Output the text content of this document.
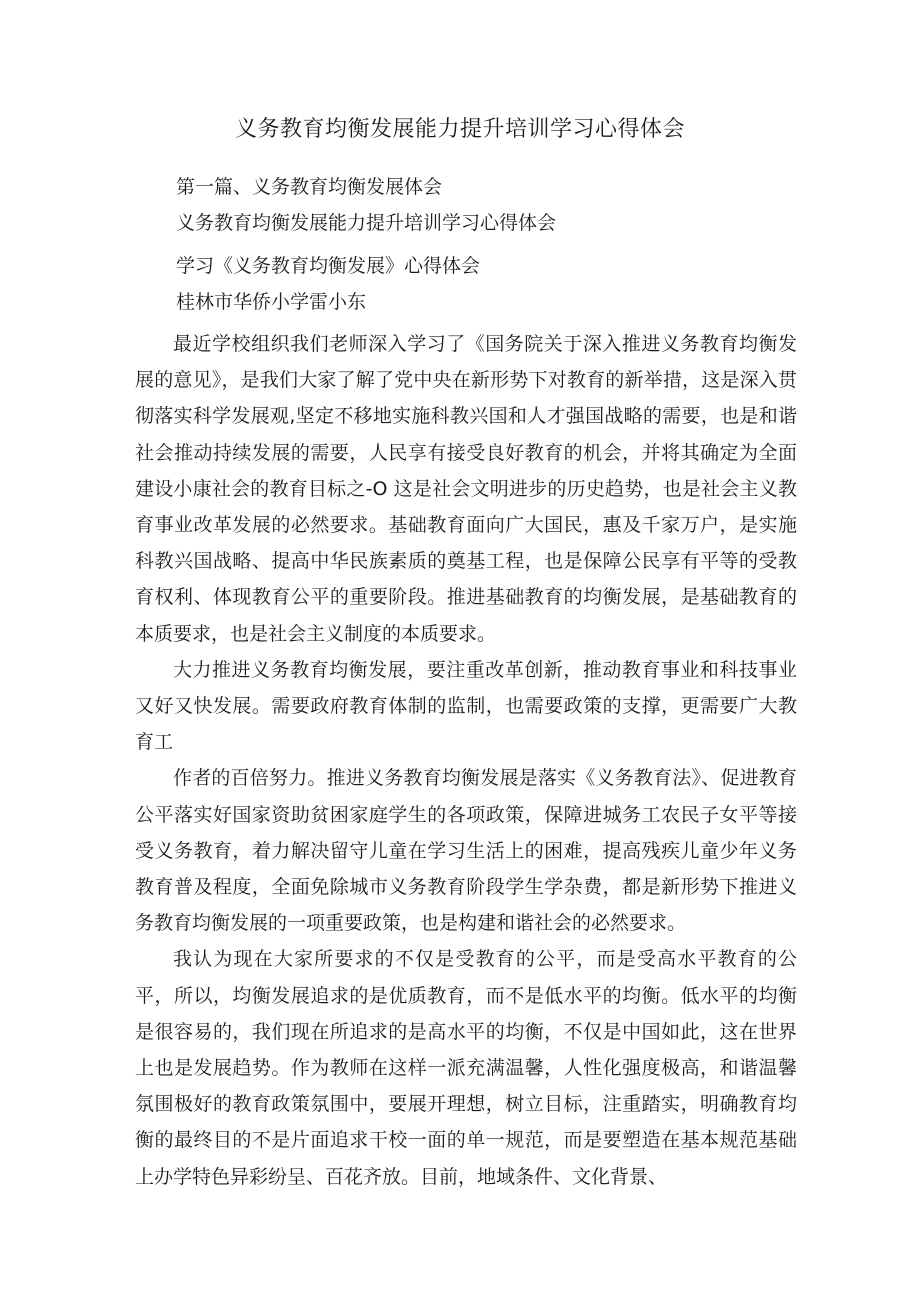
义务教育均衡发展能力提升培训学习心得体会
第一篇、义务教育均衡发展体会
义务教育均衡发展能力提升培训学习心得体会
学习《义务教育均衡发展》心得体会
桂林市华侨小学雷小东

最近学校组织我们老师深入学习了《国务院关于深入推进义务教育均衡发展的意见》，是我们大家了解了党中央在新形势下对教育的新举措，这是深入贯彻落实科学发展观,坚定不移地实施科教兴国和人才强国战略的需要，也是和谐社会推动持续发展的需要，人民享有接受良好教育的机会，并将其确定为全面建设小康社会的教育目标之-O 这是社会文明进步的历史趋势，也是社会主义教育事业改革发展的必然要求。基础教育面向广大国民，惠及千家万户，是实施科教兴国战略、提高中华民族素质的奠基工程，也是保障公民享有平等的受教育权利、体现教育公平的重要阶段。推进基础教育的均衡发展，是基础教育的本质要求，也是社会主义制度的本质要求。

大力推进义务教育均衡发展，要注重改革创新，推动教育事业和科技事业又好又快发展。需要政府教育体制的监制，也需要政策的支撑，更需要广大教育工

作者的百倍努力。推进义务教育均衡发展是落实《义务教育法》、促进教育公平落实好国家资助贫困家庭学生的各项政策，保障进城务工农民子女平等接受义务教育，着力解决留守儿童在学习生活上的困难，提高残疾儿童少年义务教育普及程度，全面免除城市义务教育阶段学生学杂费，都是新形势下推进义务教育均衡发展的一项重要政策，也是构建和谐社会的必然要求。

我认为现在大家所要求的不仅是受教育的公平，而是受高水平教育的公平，所以，均衡发展追求的是优质教育，而不是低水平的均衡。低水平的均衡是很容易的，我们现在所追求的是高水平的均衡，不仅是中国如此，这在世界上也是发展趋势。作为教师在这样一派充满温馨，人性化强度极高，和谐温馨氛围极好的教育政策氛围中，要展开理想，树立目标，注重踏实，明确教育均衡的最终目的不是片面追求干校一面的单一规范，而是要塑造在基本规范基础上办学特色异彩纷呈、百花齐放。目前，地域条件、文化背景、
